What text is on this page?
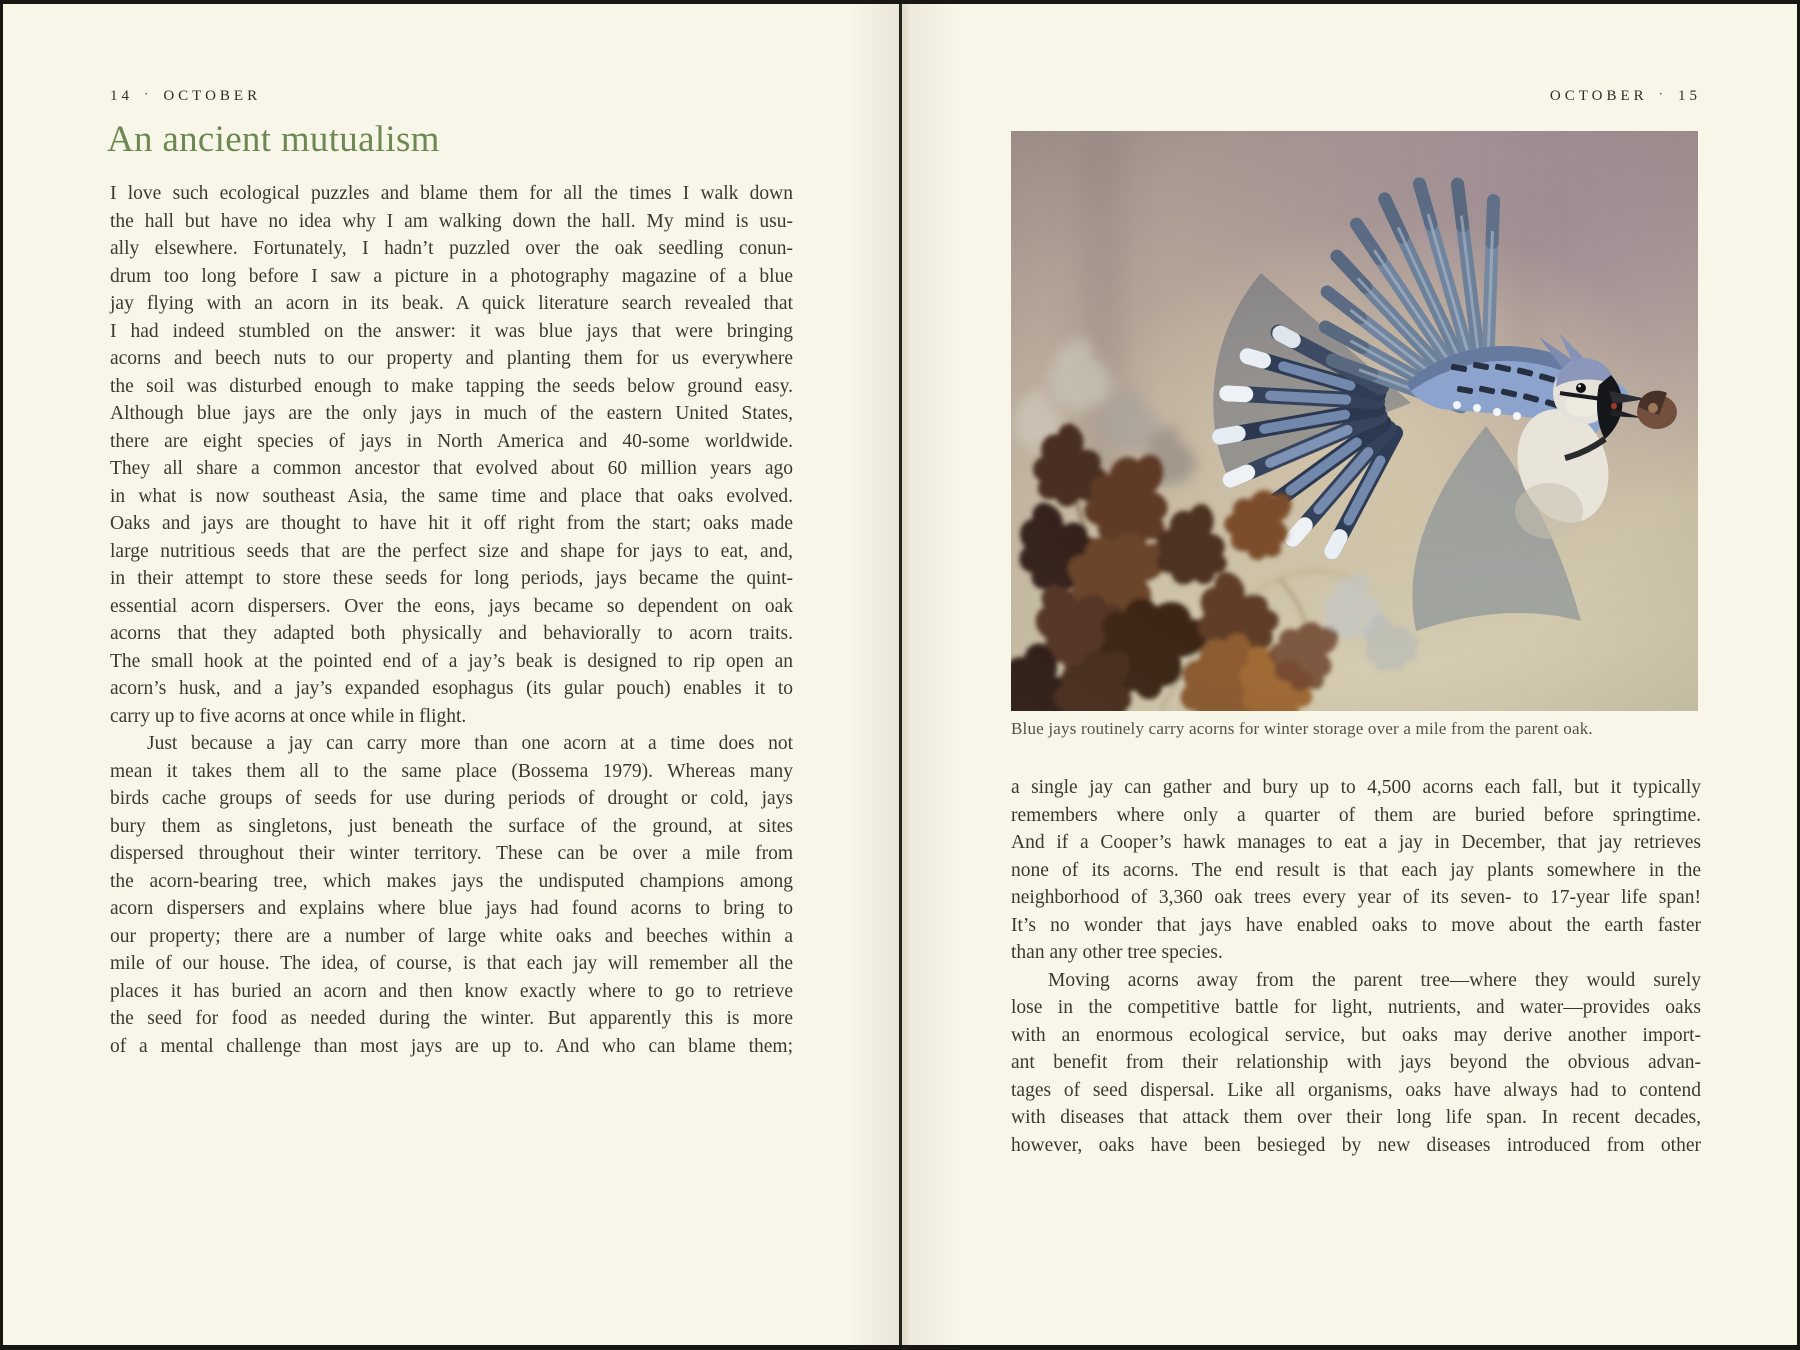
14 · OCTOBER
An ancient mutualism
I love such ecological puzzles and blame them for all the times I walk down
the hall but have no idea why I am walking down the hall. My mind is usu-
ally elsewhere. Fortunately, I hadn’t puzzled over the oak seedling conun-
drum too long before I saw a picture in a photography magazine of a blue
jay flying with an acorn in its beak. A quick literature search revealed that
I had indeed stumbled on the answer: it was blue jays that were bringing
acorns and beech nuts to our property and planting them for us everywhere
the soil was disturbed enough to make tapping the seeds below ground easy.
Although blue jays are the only jays in much of the eastern United States,
there are eight species of jays in North America and 40-some worldwide.
They all share a common ancestor that evolved about 60 million years ago
in what is now southeast Asia, the same time and place that oaks evolved.
Oaks and jays are thought to have hit it off right from the start; oaks made
large nutritious seeds that are the perfect size and shape for jays to eat, and,
in their attempt to store these seeds for long periods, jays became the quint-
essential acorn dispersers. Over the eons, jays became so dependent on oak
acorns that they adapted both physically and behaviorally to acorn traits.
The small hook at the pointed end of a jay’s beak is designed to rip open an
acorn’s husk, and a jay’s expanded esophagus (its gular pouch) enables it to
carry up to five acorns at once while in flight.
Just because a jay can carry more than one acorn at a time does not
mean it takes them all to the same place (Bossema 1979). Whereas many
birds cache groups of seeds for use during periods of drought or cold, jays
bury them as singletons, just beneath the surface of the ground, at sites
dispersed throughout their winter territory. These can be over a mile from
the acorn-bearing tree, which makes jays the undisputed champions among
acorn dispersers and explains where blue jays had found acorns to bring to
our property; there are a number of large white oaks and beeches within a
mile of our house. The idea, of course, is that each jay will remember all the
places it has buried an acorn and then know exactly where to go to retrieve
the seed for food as needed during the winter. But apparently this is more
of a mental challenge than most jays are up to. And who can blame them;
OCTOBER · 15
Blue jays routinely carry acorns for winter storage over a mile from the parent oak.
a single jay can gather and bury up to 4,500 acorns each fall, but it typically
remembers where only a quarter of them are buried before springtime.
And if a Cooper’s hawk manages to eat a jay in December, that jay retrieves
none of its acorns. The end result is that each jay plants somewhere in the
neighborhood of 3,360 oak trees every year of its seven- to 17-year life span!
It’s no wonder that jays have enabled oaks to move about the earth faster
than any other tree species.
Moving acorns away from the parent tree—where they would surely
lose in the competitive battle for light, nutrients, and water—provides oaks
with an enormous ecological service, but oaks may derive another import-
ant benefit from their relationship with jays beyond the obvious advan-
tages of seed dispersal. Like all organisms, oaks have always had to contend
with diseases that attack them over their long life span. In recent decades,
however, oaks have been besieged by new diseases introduced from other
